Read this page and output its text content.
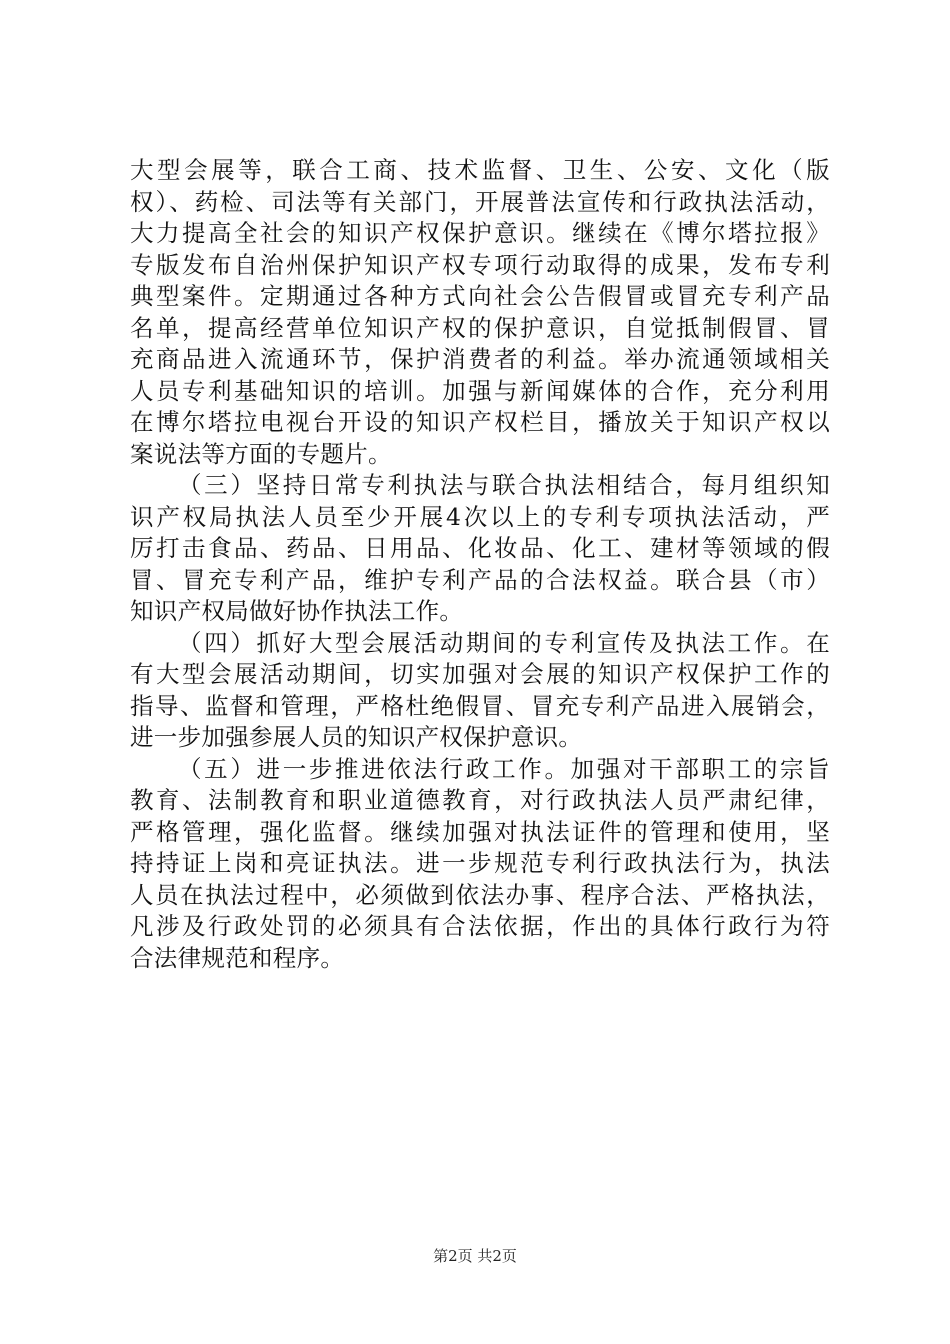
大型会展等，联合工商、技术监督、卫生、公安、文化（版
权）、药检、司法等有关部门，开展普法宣传和行政执法活动，
大力提高全社会的知识产权保护意识。继续在《博尔塔拉报》
专版发布自治州保护知识产权专项行动取得的成果，发布专利
典型案件。定期通过各种方式向社会公告假冒或冒充专利产品
名单，提高经营单位知识产权的保护意识，自觉抵制假冒、冒
充商品进入流通环节，保护消费者的利益。举办流通领域相关
人员专利基础知识的培训。加强与新闻媒体的合作，充分利用
在博尔塔拉电视台开设的知识产权栏目，播放关于知识产权以
案说法等方面的专题片。
（三）坚持日常专利执法与联合执法相结合，每月组织知
识产权局执法人员至少开展4次以上的专利专项执法活动，严
厉打击食品、药品、日用品、化妆品、化工、建材等领域的假
冒、冒充专利产品，维护专利产品的合法权益。联合县（市）
知识产权局做好协作执法工作。
（四）抓好大型会展活动期间的专利宣传及执法工作。在
有大型会展活动期间，切实加强对会展的知识产权保护工作的
指导、监督和管理，严格杜绝假冒、冒充专利产品进入展销会，
进一步加强参展人员的知识产权保护意识。
（五）进一步推进依法行政工作。加强对干部职工的宗旨
教育、法制教育和职业道德教育，对行政执法人员严肃纪律，
严格管理，强化监督。继续加强对执法证件的管理和使用，坚
持持证上岗和亮证执法。进一步规范专利行政执法行为，执法
人员在执法过程中，必须做到依法办事、程序合法、严格执法，
凡涉及行政处罚的必须具有合法依据，作出的具体行政行为符
合法律规范和程序。
第2页 共2页
